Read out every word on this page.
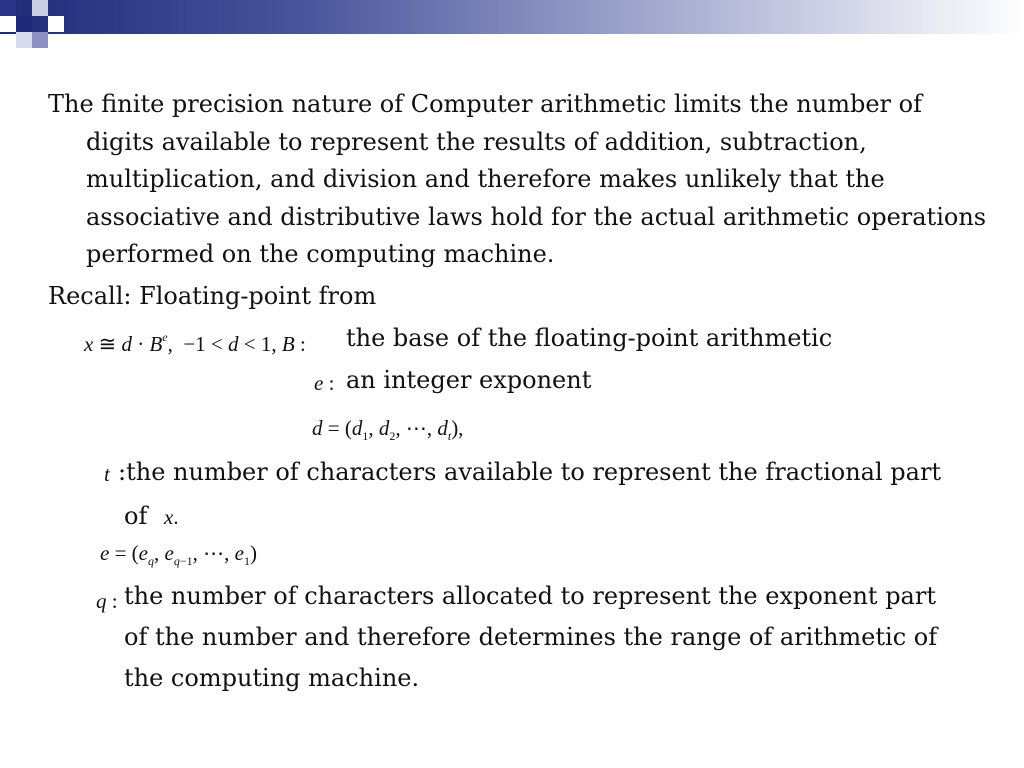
The finite precision nature of Computer arithmetic limits the number of digits available to represent the results of addition, subtraction, multiplication, and division and therefore makes unlikely that the associative and distributive laws hold for the actual arithmetic operations performed on the computing machine.

Recall: Floating-point from
x ≅ $d \cdot B^e$, −1 < d < 1, B : the base of the floating-point arithmetic
e : an integer exponent
$d = (d_1$, $d_2$, ⋯, $d_t$),
t :the number of characters available to represent the fractional part
of x.
$e = (e_q$, $e_{q-1}$, ⋯, $e_1$)
q : the number of characters allocated to represent the exponent part of the number and therefore determines the range of arithmetic of the computing machine.
